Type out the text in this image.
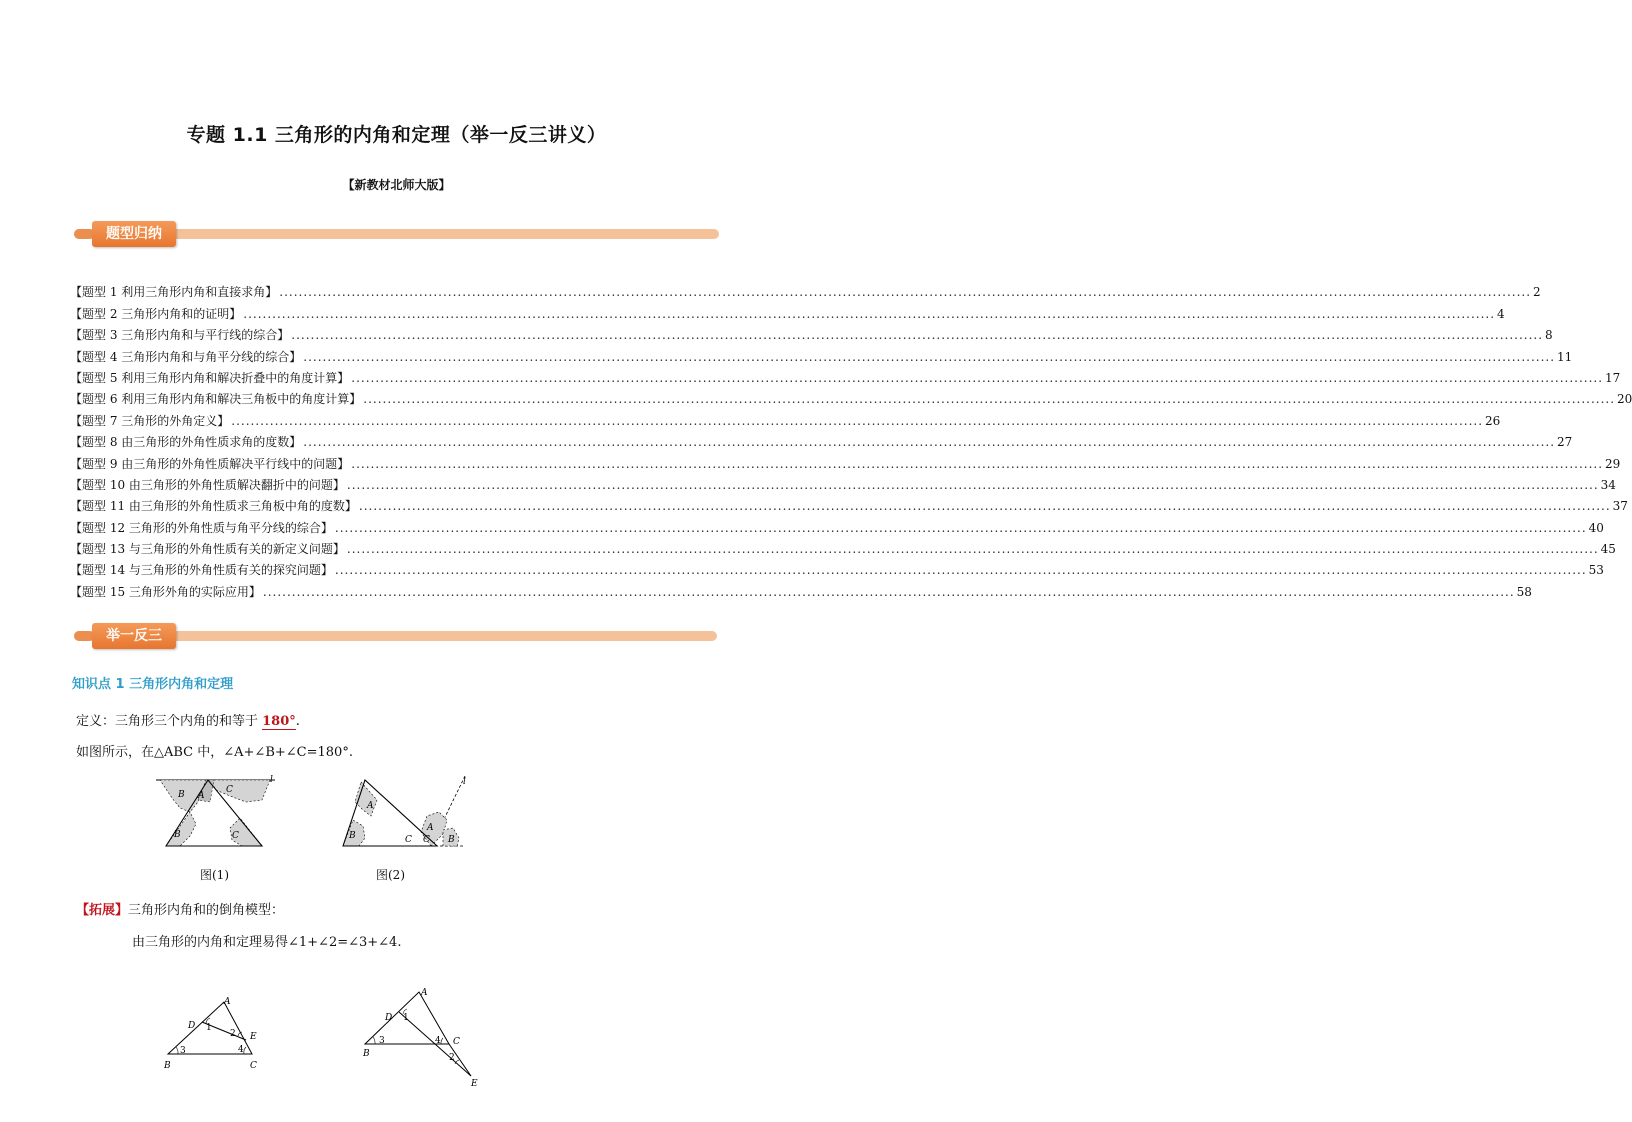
专题 1.1 三角形的内角和定理（举一反三讲义）
【新教材北师大版】
题型归纳
【题型 1 利用三角形内角和直接求角】 .................................................................................................................................................................................................................................................................... 2
【题型 2 三角形内角和的证明】 .................................................................................................................................................................................................................................................................... 4
【题型 3 三角形内角和与平行线的综合】 .................................................................................................................................................................................................................................................................... 8
【题型 4 三角形内角和与角平分线的综合】 .................................................................................................................................................................................................................................................................... 11
【题型 5 利用三角形内角和解决折叠中的角度计算】 .................................................................................................................................................................................................................................................................... 17
【题型 6 利用三角形内角和解决三角板中的角度计算】 .................................................................................................................................................................................................................................................................... 20
【题型 7 三角形的外角定义】 .................................................................................................................................................................................................................................................................... 26
【题型 8 由三角形的外角性质求角的度数】 .................................................................................................................................................................................................................................................................... 27
【题型 9 由三角形的外角性质解决平行线中的问题】 .................................................................................................................................................................................................................................................................... 29
【题型 10 由三角形的外角性质解决翻折中的问题】 .................................................................................................................................................................................................................................................................... 34
【题型 11 由三角形的外角性质求三角板中角的度数】 .................................................................................................................................................................................................................................................................... 37
【题型 12 三角形的外角性质与角平分线的综合】 .................................................................................................................................................................................................................................................................... 40
【题型 13 与三角形的外角性质有关的新定义问题】 .................................................................................................................................................................................................................................................................... 45
【题型 14 与三角形的外角性质有关的探究问题】 .................................................................................................................................................................................................................................................................... 53
【题型 15 三角形外角的实际应用】 .................................................................................................................................................................................................................................................................... 58
举一反三
知识点 1 三角形内角和定理
定义：三角形三个内角的和等于 180°.
如图所示，在△ABC 中，∠A+∠B+∠C=180°.
B A
C
l
B	C
图(1)
A
B	C
A
C B
l
图(2)
【拓展】三角形内角和的倒角模型：
由三角形的内角和定理易得∠1+∠2=∠3+∠4.
A
D
E
1
2
3	4
B	C
A
D 1
3	4 C
2
B
E
